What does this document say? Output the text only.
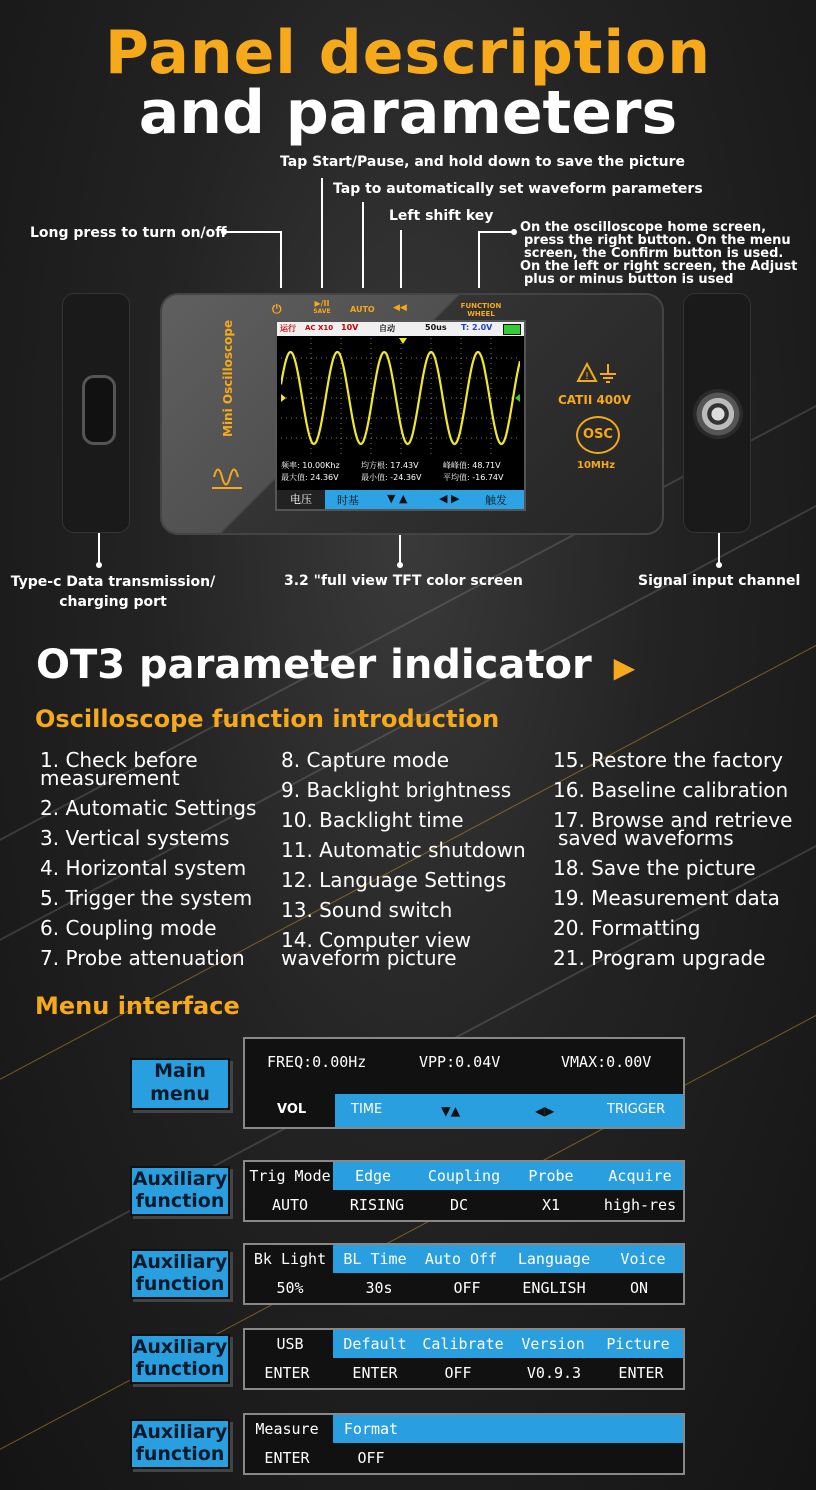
Panel description
and parameters
Tap Start/Pause, and hold down to save the picture
Tap to automatically set waveform parameters
Left shift key
Long press to turn on/off	On the oscilloscope home screen,
press the right button. On the menu
screen, the Confirm button is used.
On the left or right screen, the Adjust
plus or minus button is used
Type-c Data transmission/
charging port
3.2 "full view TFT color screen	Signal input channel
⏻	▶/II
SAVE	AUTO ◀◀	FUNCTION
WHEEL
Mini Oscilloscope	!
CATII 400V
OSC
10MHz
运行 AC X10 10V	自动	50us T: 2.0V
频率: 10.00Khz	均方根: 17.43V	峰峰值: 48.71V
最大值: 24.36V	最小值: -24.36V	平均值: -16.74V
电压	时基	▼ ▲	◀ ▶ 触发
OT3 parameter indicator ▶
Oscilloscope function introduction
1. Check before
measurement
2. Automatic Settings
3. Vertical systems
4. Horizontal system
5. Trigger the system
6. Coupling mode
7. Probe attenuation
8. Capture mode
9. Backlight brightness
10. Backlight time
11. Automatic shutdown
12. Language Settings
13. Sound switch
14. Computer view
waveform picture
15. Restore the factory
16. Baseline calibration
17. Browse and retrieve
saved waveforms
18. Save the picture
19. Measurement data
20. Formatting
21. Program upgrade
Menu interface
Main
menu
FREQ:0.00Hz	VPP:0.04V	VMAX:0.00V
VOL	TIME	▼▲	◀▶	TRIGGER
Auxiliary
function
Trig Mode	Edge	Coupling	Probe	Acquire
AUTO	RISING	DC	X1	high-res
Auxiliary
function
Bk Light	BL Time	Auto Off	Language	Voice
50%	30s	OFF	ENGLISH	ON
Auxiliary
function
USB	Default	Calibrate	Version	Picture
ENTER	ENTER	OFF	V0.9.3	ENTER
Auxiliary
function
Measure	Format
ENTER	OFF
